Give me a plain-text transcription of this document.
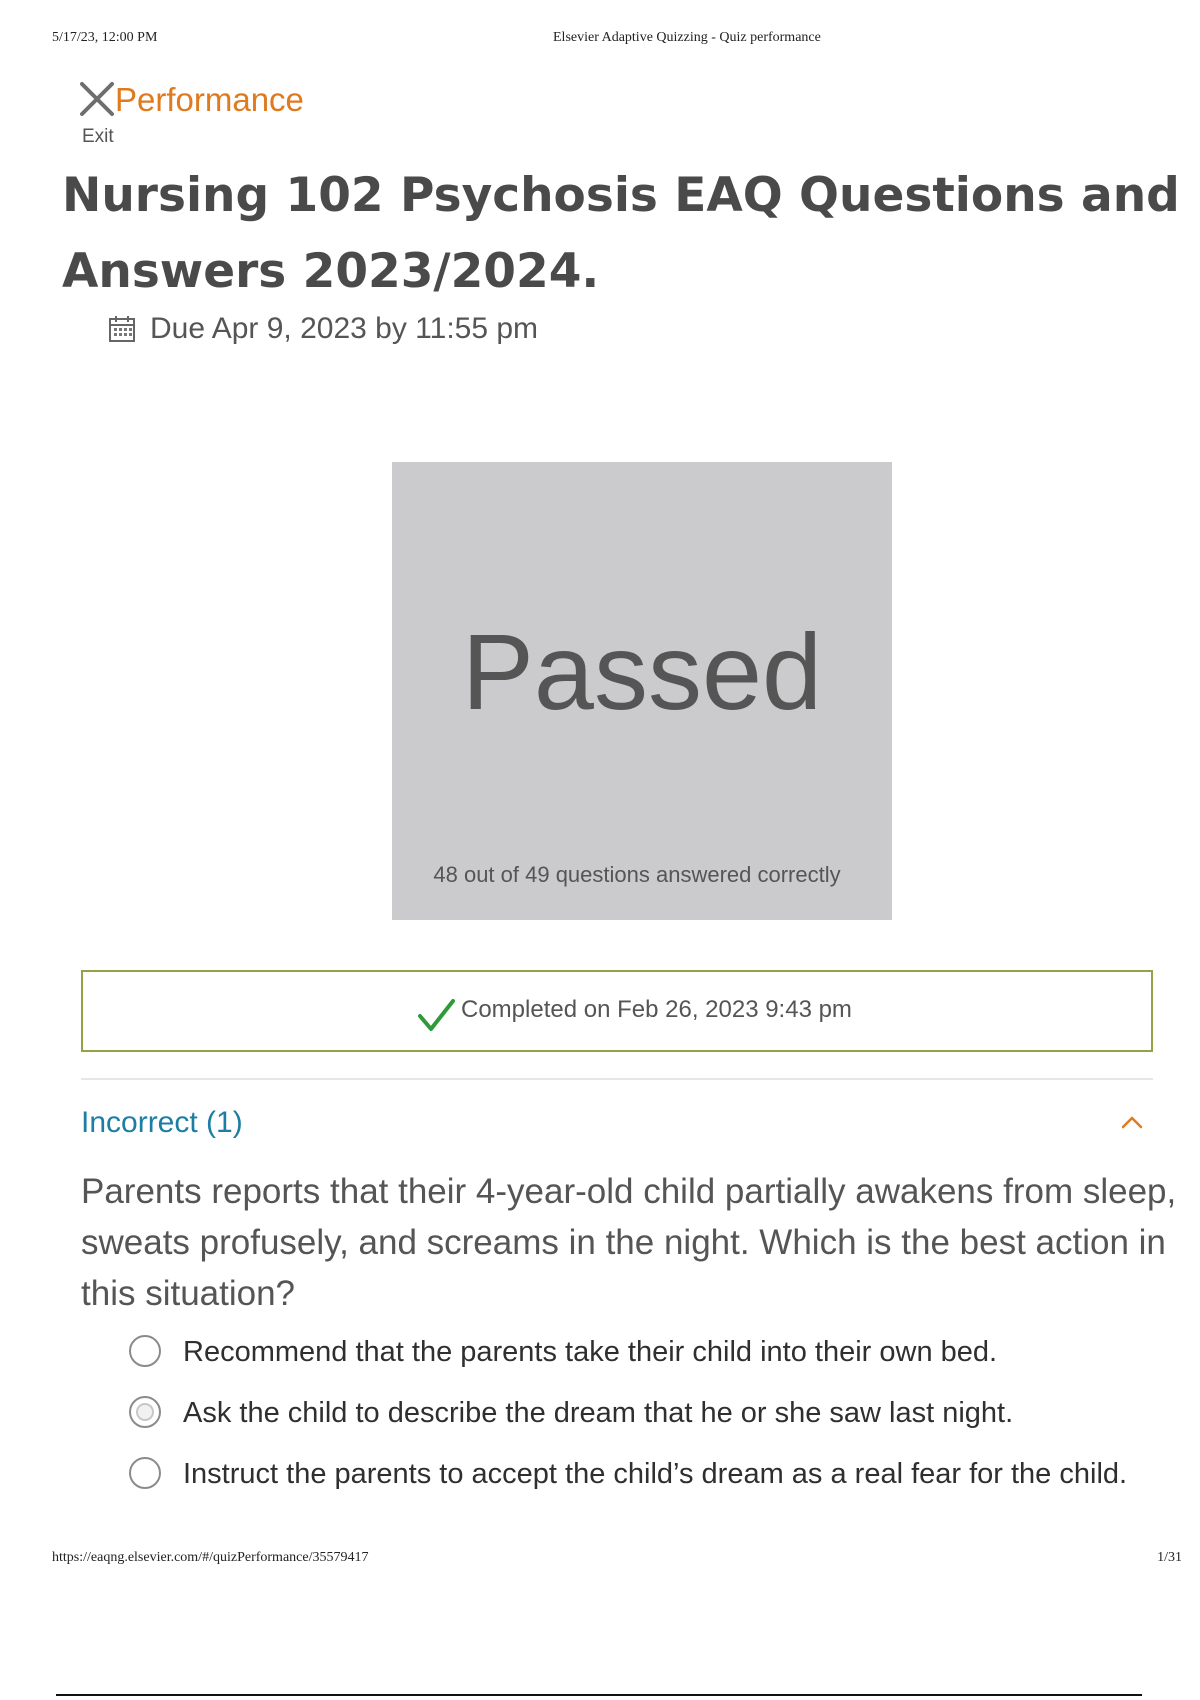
5/17/23, 12:00 PM	Elsevier Adaptive Quizzing - Quiz performance
Performance
Exit
Nursing 102 Psychosis EAQ Questions and Answers 2023/2024.
Due Apr 9, 2023 by 11:55 pm
Passed
48 out of 49 questions answered correctly
Completed on Feb 26, 2023 9:43 pm
Incorrect (1)

Parents reports that their 4-year-old child partially awakens from sleep, sweats profusely, and screams in the night. Which is the best action in this situation?

Recommend that the parents take their child into their own bed.
Ask the child to describe the dream that he or she saw last night.
Instruct the parents to accept the child’s dream as a real fear for the child.
https://eaqng.elsevier.com/#/quizPerformance/35579417	1/31
